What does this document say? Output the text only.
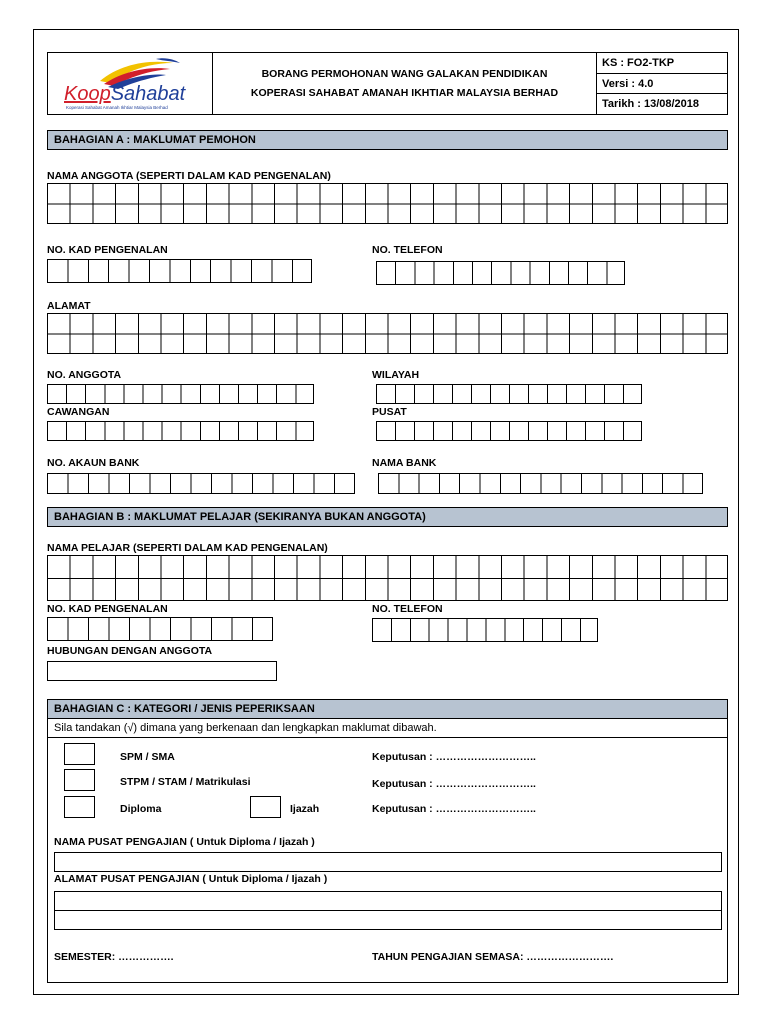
KoopSahabat
Koperasi Sahabat Amanah Ikhtiar Malaysia Berhad
BORANG PERMOHONAN WANG GALAKAN PENDIDIKAN
KOPERASI SAHABAT AMANAH IKHTIAR MALAYSIA BERHAD
KS : FO2-TKP
Versi : 4.0
Tarikh : 13/08/2018
BAHAGIAN A : MAKLUMAT PEMOHON
NAMA ANGGOTA (SEPERTI DALAM KAD PENGENALAN)
NO. KAD PENGENALAN	NO. TELEFON
ALAMAT
NO. ANGGOTA	WILAYAH
CAWANGAN	PUSAT
NO. AKAUN BANK	NAMA BANK
BAHAGIAN B : MAKLUMAT PELAJAR (SEKIRANYA BUKAN ANGGOTA)
NAMA PELAJAR (SEPERTI DALAM KAD PENGENALAN)
NO. KAD PENGENALAN	NO. TELEFON
HUBUNGAN DENGAN ANGGOTA
BAHAGIAN C : KATEGORI / JENIS PEPERIKSAAN
Sila tandakan (√) dimana yang berkenaan dan lengkapkan maklumat dibawah.
SPM / SMA	Keputusan : ………………………..
STPM / STAM / Matrikulasi	Keputusan : ………………………..
Diploma	Ijazah	Keputusan : ………………………..
NAMA PUSAT PENGAJIAN ( Untuk Diploma / Ijazah )
ALAMAT PUSAT PENGAJIAN ( Untuk Diploma / Ijazah )
SEMESTER: …………….	TAHUN PENGAJIAN SEMASA: …………………….
